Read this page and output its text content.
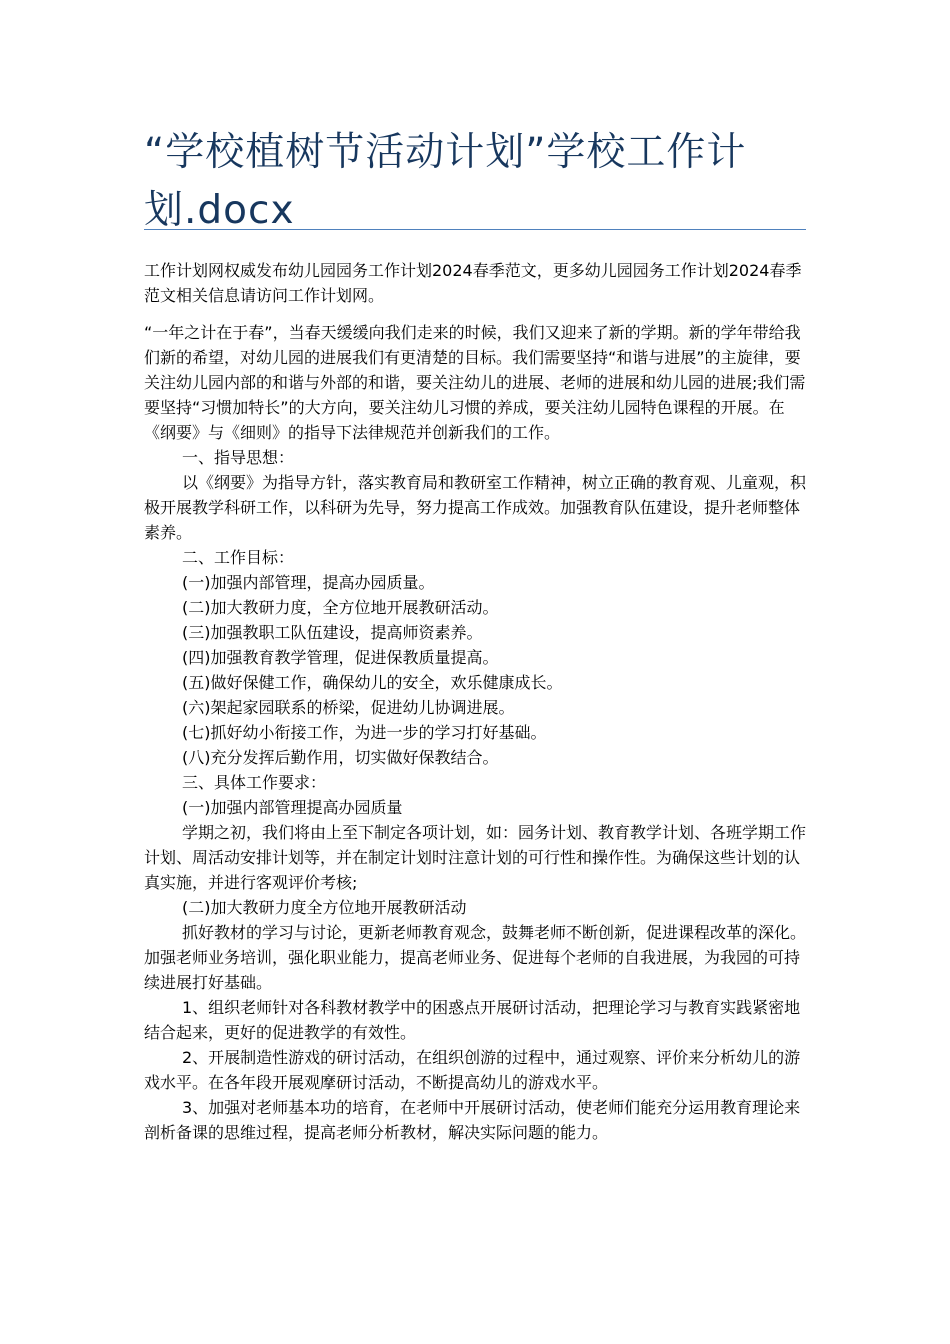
“学校植树节活动计划”学校工作计划.docx

工作计划网权威发布幼儿园园务工作计划2024春季范文，更多幼儿园园务工作计划2024春季范文相关信息请访问工作计划网。

“一年之计在于春”，当春天缓缓向我们走来的时候，我们又迎来了新的学期。新的学年带给我们新的希望，对幼儿园的进展我们有更清楚的目标。我们需要坚持“和谐与进展”的主旋律，要关注幼儿园内部的和谐与外部的和谐，要关注幼儿的进展、老师的进展和幼儿园的进展;我们需要坚持“习惯加特长”的大方向，要关注幼儿习惯的养成，要关注幼儿园特色课程的开展。在《纲要》与《细则》的指导下法律规范并创新我们的工作。

一、指导思想：

以《纲要》为指导方针，落实教育局和教研室工作精神，树立正确的教育观、儿童观，积极开展教学科研工作，以科研为先导，努力提高工作成效。加强教育队伍建设，提升老师整体素养。

二、工作目标：

(一)加强内部管理，提高办园质量。

(二)加大教研力度，全方位地开展教研活动。

(三)加强教职工队伍建设，提高师资素养。

(四)加强教育教学管理，促进保教质量提高。

(五)做好保健工作，确保幼儿的安全，欢乐健康成长。

(六)架起家园联系的桥梁，促进幼儿协调进展。

(七)抓好幼小衔接工作，为进一步的学习打好基础。

(八)充分发挥后勤作用，切实做好保教结合。

三、具体工作要求：

(一)加强内部管理提高办园质量

学期之初，我们将由上至下制定各项计划，如：园务计划、教育教学计划、各班学期工作计划、周活动安排计划等，并在制定计划时注意计划的可行性和操作性。为确保这些计划的认真实施，并进行客观评价考核;

(二)加大教研力度全方位地开展教研活动

抓好教材的学习与讨论，更新老师教育观念，鼓舞老师不断创新，促进课程改革的深化。加强老师业务培训，强化职业能力，提高老师业务、促进每个老师的自我进展，为我园的可持续进展打好基础。

1、组织老师针对各科教材教学中的困惑点开展研讨活动，把理论学习与教育实践紧密地结合起来，更好的促进教学的有效性。

2、开展制造性游戏的研讨活动，在组织创游的过程中，通过观察、评价来分析幼儿的游戏水平。在各年段开展观摩研讨活动，不断提高幼儿的游戏水平。

3、加强对老师基本功的培育，在老师中开展研讨活动，使老师们能充分运用教育理论来剖析备课的思维过程，提高老师分析教材，解决实际问题的能力。
